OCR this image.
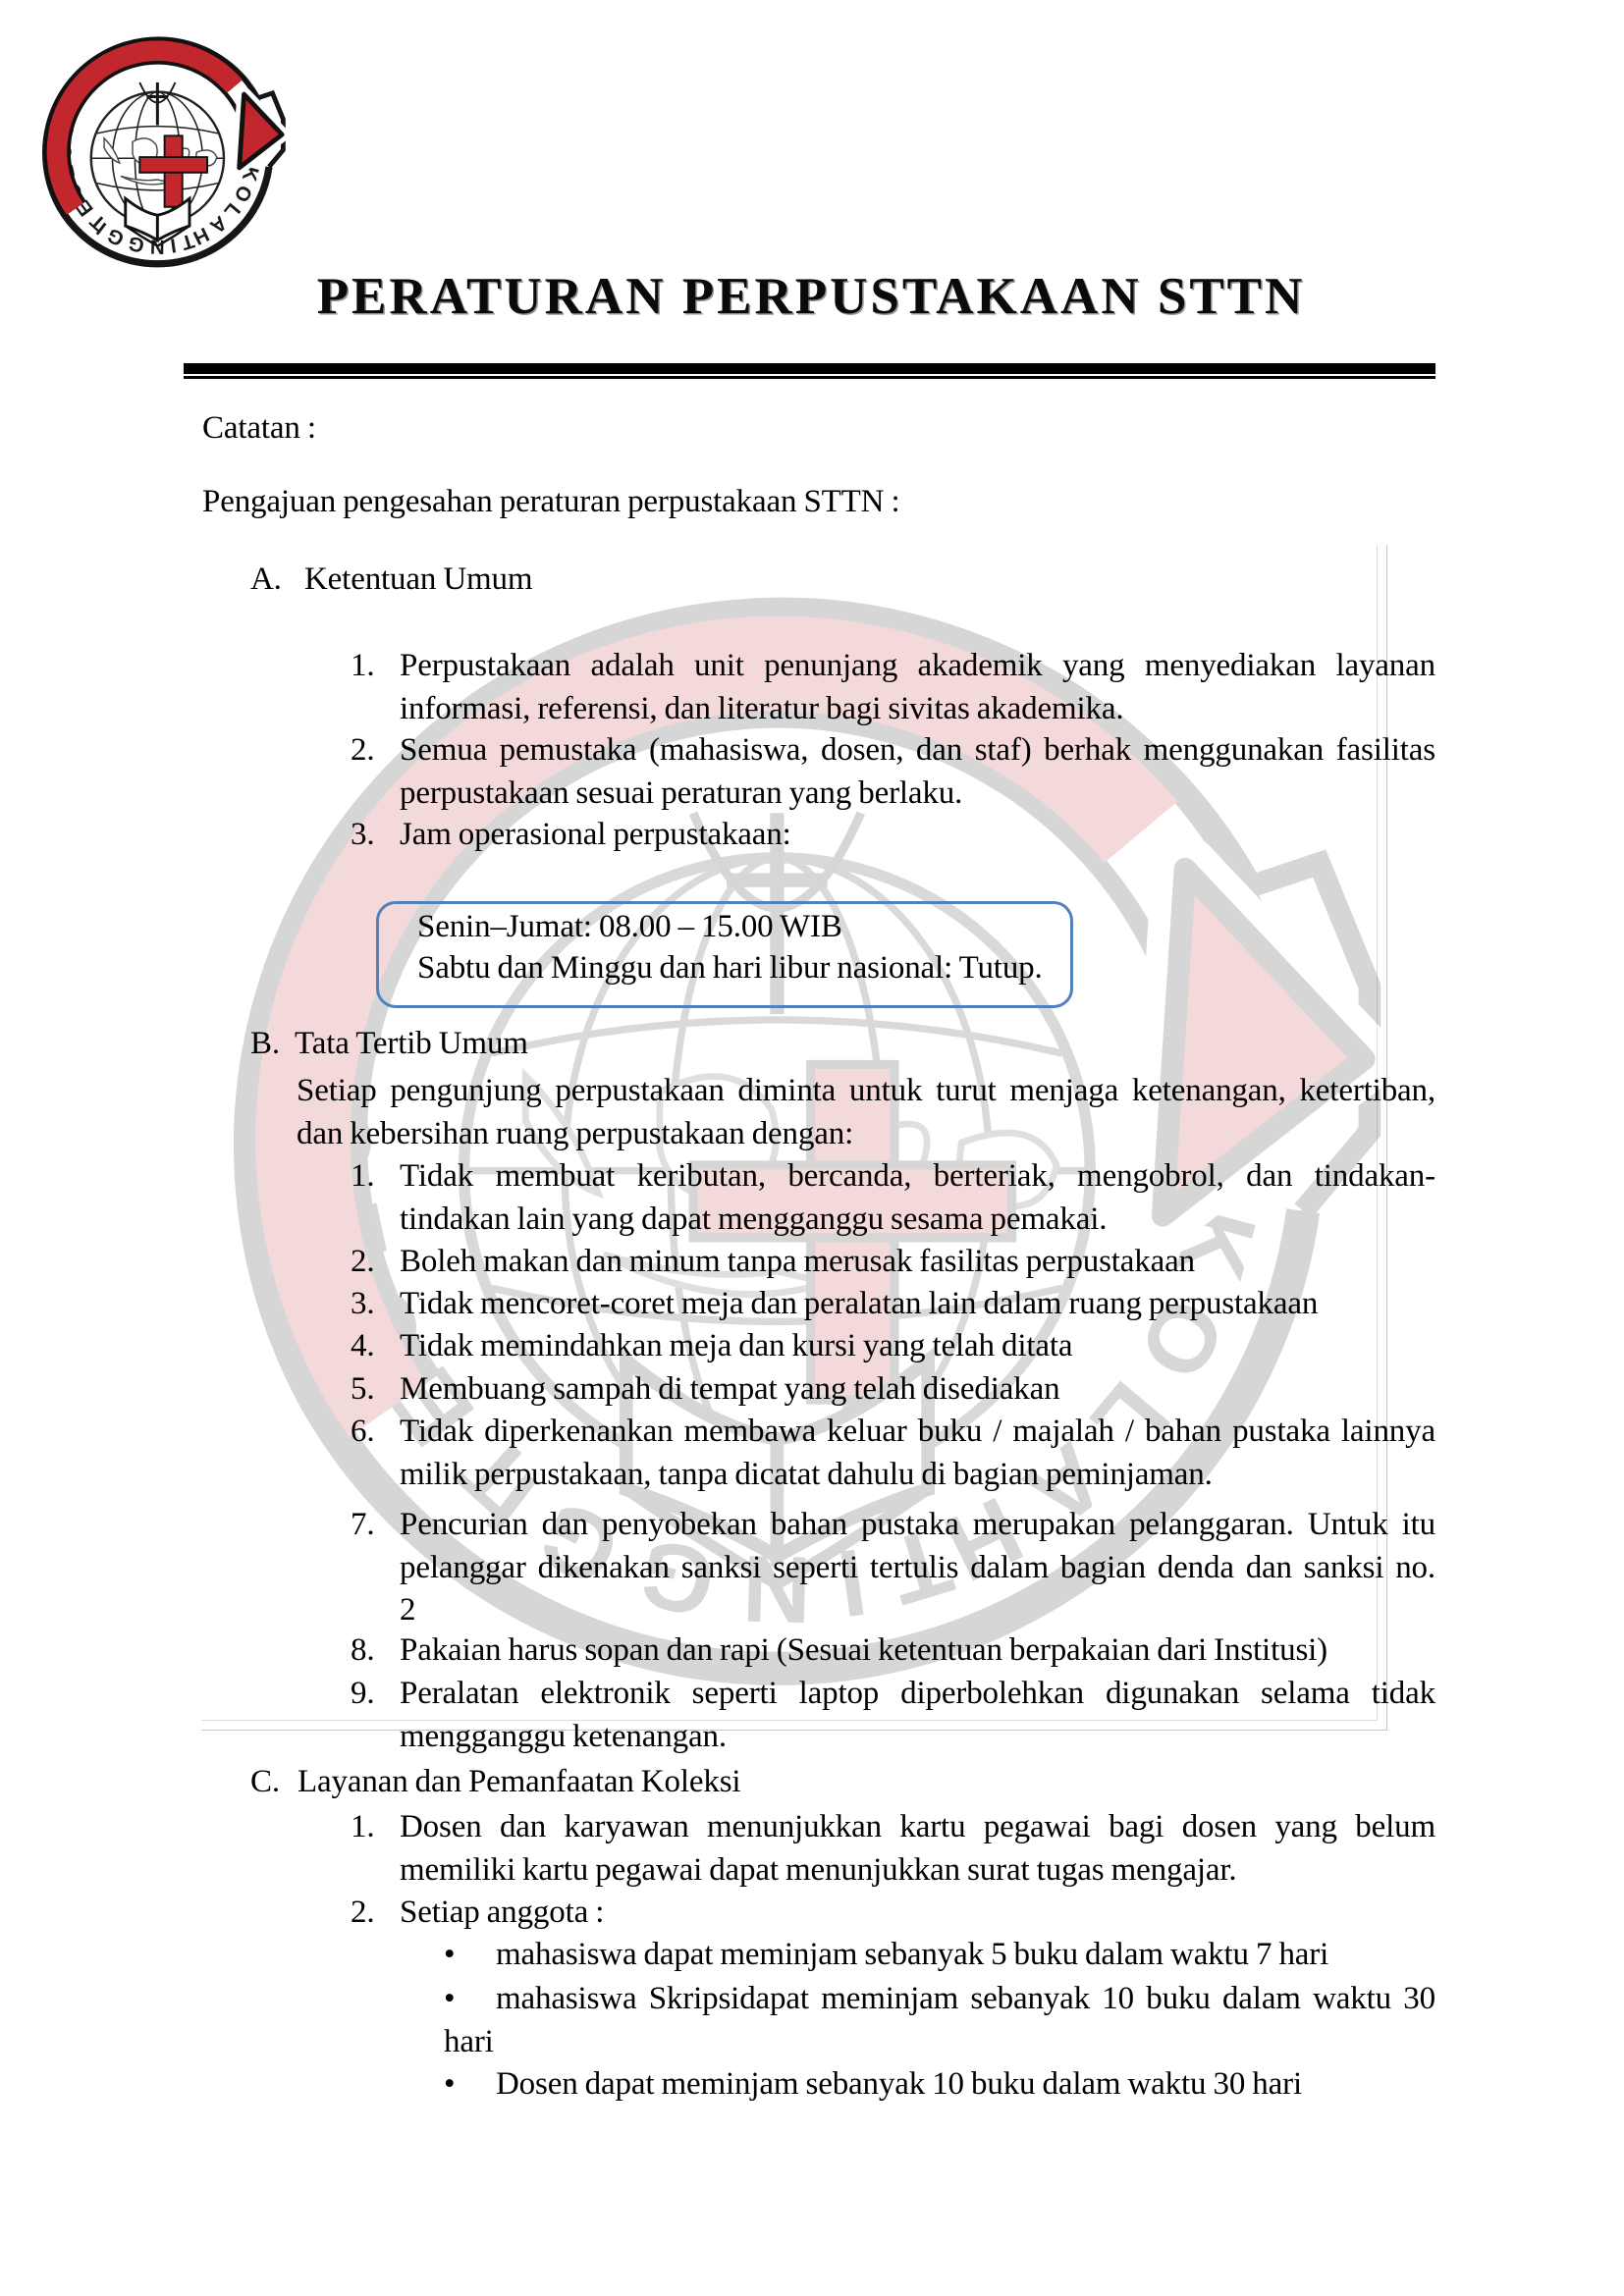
PERATURAN PERPUSTAKAAN STTN
Catatan :
Pengajuan pengesahan peraturan perpustakaan STTN :
A. Ketentuan Umum
1. Perpustakaan adalah unit penunjang akademik yang menyediakan layanan
informasi, referensi, dan literatur bagi sivitas akademika.
2. Semua pemustaka (mahasiswa, dosen, dan staf) berhak menggunakan fasilitas
perpustakaan sesuai peraturan yang berlaku.
3. Jam operasional perpustakaan:
Senin–Jumat: 08.00 – 15.00 WIB
Sabtu dan Minggu dan hari libur nasional: Tutup.
B. Tata Tertib Umum
Setiap pengunjung perpustakaan diminta untuk turut menjaga ketenangan, ketertiban,
dan kebersihan ruang perpustakaan dengan:
1. Tidak membuat keributan, bercanda, berteriak, mengobrol, dan tindakan-
tindakan lain yang dapat mengganggu sesama pemakai.
2. Boleh makan dan minum tanpa merusak fasilitas perpustakaan
3. Tidak mencoret-coret meja dan peralatan lain dalam ruang perpustakaan
4. Tidak memindahkan meja dan kursi yang telah ditata
5. Membuang sampah di tempat yang telah disediakan
6. Tidak diperkenankan membawa keluar buku / majalah / bahan pustaka lainnya
milik perpustakaan, tanpa dicatat dahulu di bagian peminjaman.
7. Pencurian dan penyobekan bahan pustaka merupakan pelanggaran. Untuk itu
pelanggar dikenakan sanksi seperti tertulis dalam bagian denda dan sanksi no.
2
8. Pakaian harus sopan dan rapi (Sesuai ketentuan berpakaian dari Institusi)
9. Peralatan elektronik seperti laptop diperbolehkan digunakan selama tidak
mengganggu ketenangan.
C. Layanan dan Pemanfaatan Koleksi
1. Dosen dan karyawan menunjukkan kartu pegawai bagi dosen yang belum
memiliki kartu pegawai dapat menunjukkan surat tugas mengajar.
2. Setiap anggota :
•	mahasiswa dapat meminjam sebanyak 5 buku dalam waktu 7 hari
•	mahasiswa Skripsidapat meminjam sebanyak 10 buku dalam waktu 30
hari
•	Dosen dapat meminjam sebanyak 10 buku dalam waktu 30 hari
